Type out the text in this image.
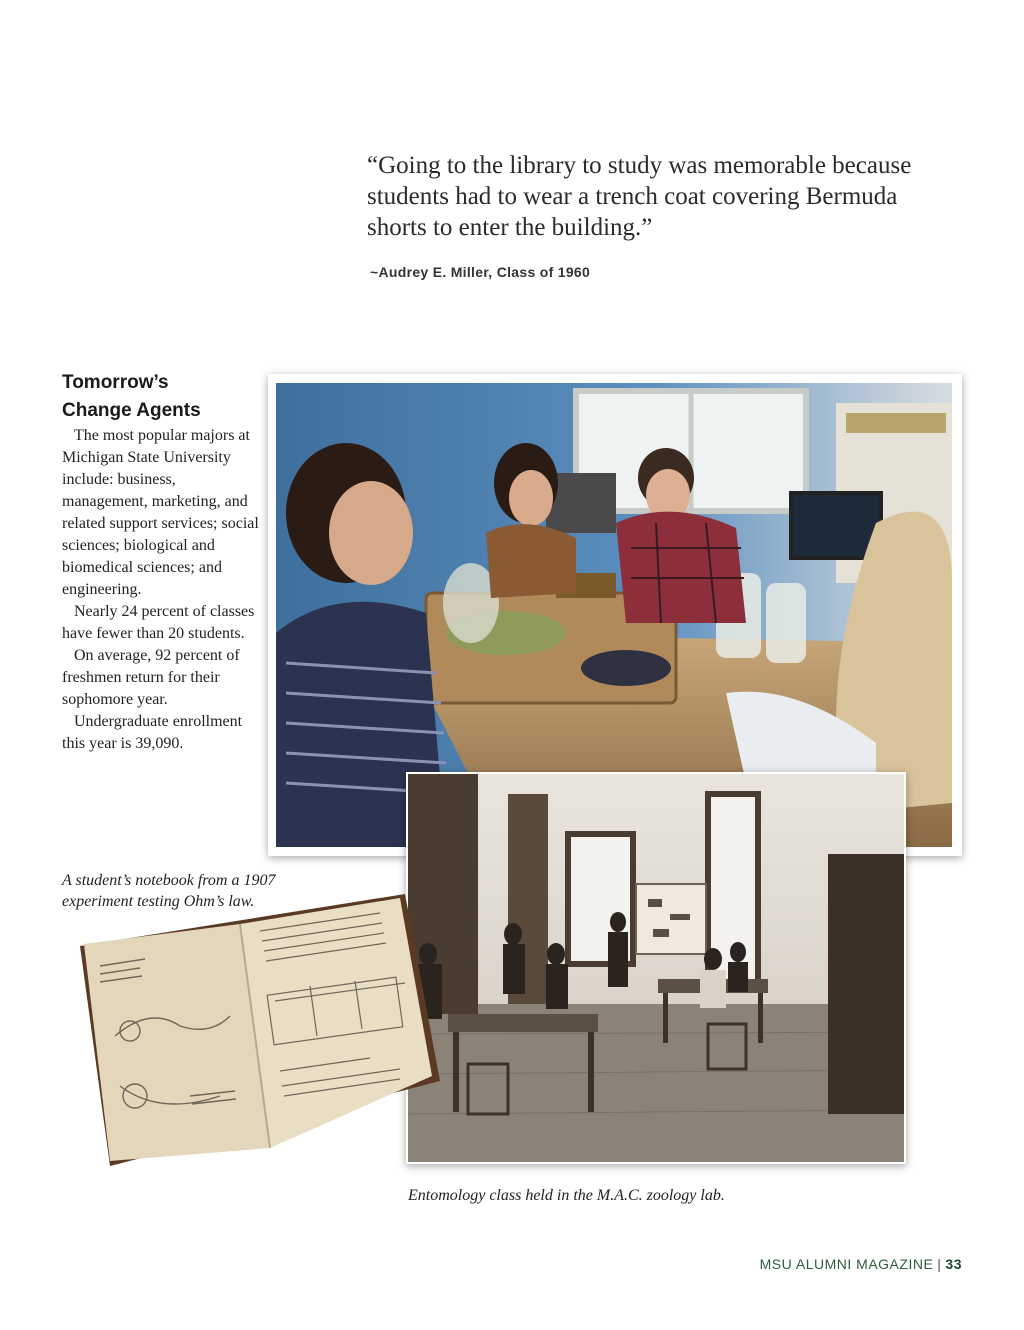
“Going to the library to study was memorable because students had to wear a trench coat covering Bermuda shorts to enter the building.”
~Audrey E. Miller, Class of 1960
Tomorrow’s
Change Agents

The most popular majors at Michigan State University include: business, management, marketing, and related support services; social sciences; biological and biomedical sciences; and engineering.

Nearly 24 percent of classes have fewer than 20 students.

On average, 92 percent of freshmen return for their sophomore year.

Undergraduate enrollment this year is 39,090.

A student’s notebook from a 1907 experiment testing Ohm’s law.
Entomology class held in the M.A.C. zoology lab.
MSU ALUMNI MAGAZINE | 33
